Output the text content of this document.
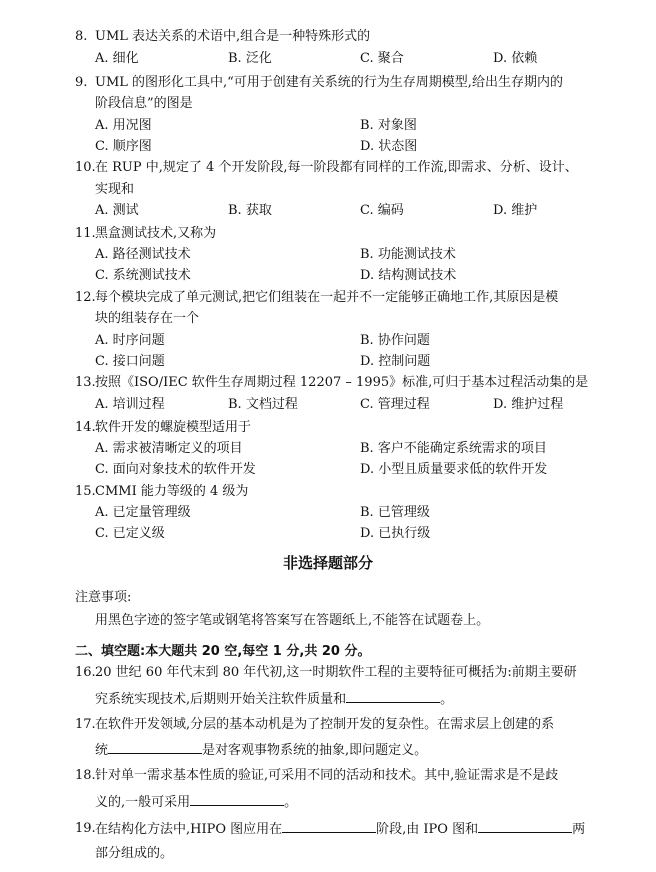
8. UML 表达关系的术语中,组合是一种特殊形式的
A. 细化	B. 泛化	C. 聚合	D. 依赖
9. UML 的图形化工具中,“可用于创建有关系统的行为生存周期模型,给出生存期内的
阶段信息”的图是
A. 用况图	B. 对象图
C. 顺序图	D. 状态图
10. 在 RUP 中,规定了 4 个开发阶段,每一阶段都有同样的工作流,即需求、分析、设计、
实现和
A. 测试	B. 获取	C. 编码	D. 维护
11. 黑盒测试技术,又称为
A. 路径测试技术	B. 功能测试技术
C. 系统测试技术	D. 结构测试技术
12. 每个模块完成了单元测试,把它们组装在一起并不一定能够正确地工作,其原因是模
块的组装存在一个
A. 时序问题	B. 协作问题
C. 接口问题	D. 控制问题
13. 按照《ISO/IEC 软件生存周期过程 12207 – 1995》标准,可归于基本过程活动集的是
A. 培训过程	B. 文档过程	C. 管理过程	D. 维护过程
14. 软件开发的螺旋模型适用于
A. 需求被清晰定义的项目	B. 客户不能确定系统需求的项目
C. 面向对象技术的软件开发	D. 小型且质量要求低的软件开发
15. CMMI 能力等级的 4 级为
A. 已定量管理级	B. 已管理级
C. 已定义级	D. 已执行级
非选择题部分
注意事项:
用黑色字迹的签字笔或钢笔将答案写在答题纸上,不能答在试题卷上。
二、填空题:本大题共 20 空,每空 1 分,共 20 分。
16. 20 世纪 60 年代末到 80 年代初,这一时期软件工程的主要特征可概括为:前期主要研
究系统实现技术,后期则开始关注软件质量和	。
17. 在软件开发领域,分层的基本动机是为了控制开发的复杂性。在需求层上创建的系
统	是对客观事物系统的抽象,即问题定义。
18. 针对单一需求基本性质的验证,可采用不同的活动和技术。其中,验证需求是不是歧
义的,一般可采用	。
19. 在结构化方法中,HIPO 图应用在	阶段,由 IPO 图和	两
部分组成的。
